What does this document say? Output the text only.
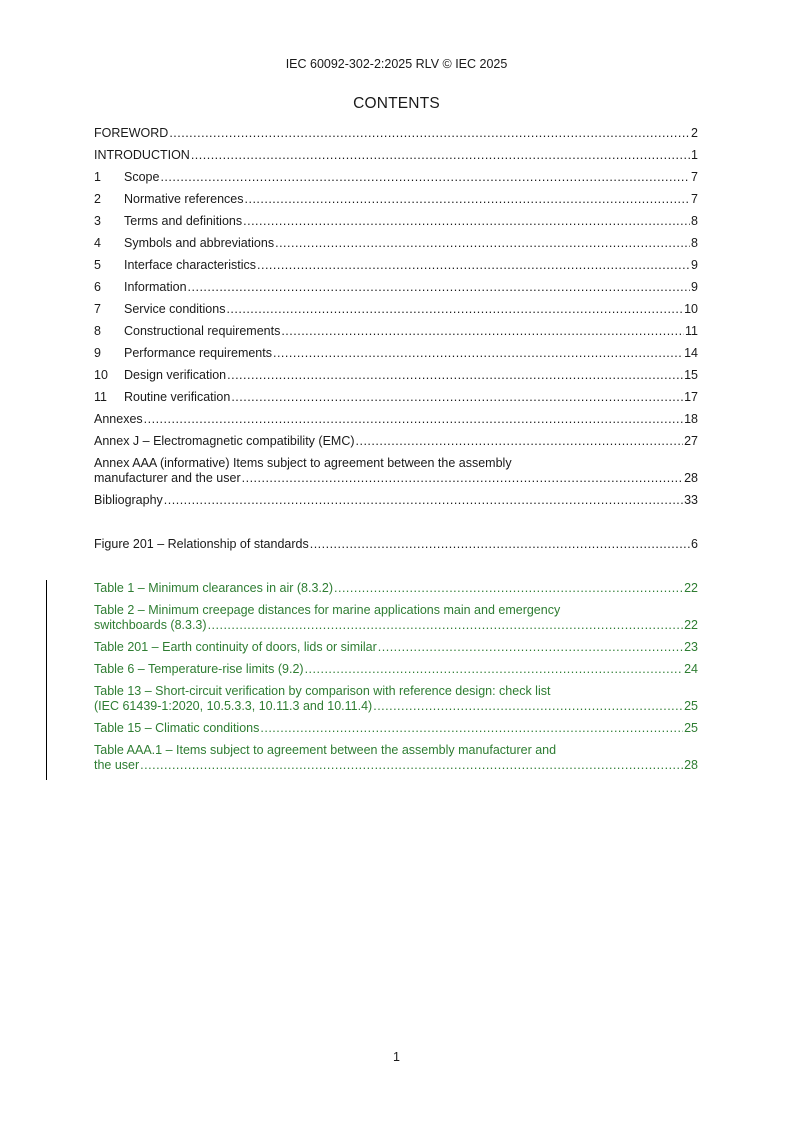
IEC 60092-302-2:2025 RLV © IEC 2025
CONTENTS
FOREWORD .....	2
INTRODUCTION .....	1
1 Scope .....	7
2 Normative references .....	7
3 Terms and definitions .....	8
4 Symbols and abbreviations .....	8
5 Interface characteristics .....	9
6 Information .....	9
7 Service conditions .....	10
8 Constructional requirements .....	11
9 Performance requirements .....	14
10 Design verification .....	15
11 Routine verification .....	17
Annexes .....	18
Annex J – Electromagnetic compatibility (EMC) .....	27
Annex AAA (informative) Items subject to agreement between the assembly
manufacturer and the user .....	28
Bibliography .....	33
Figure 201 – Relationship of standards .....	6
Table 1 – Minimum clearances in air (8.3.2) .....	22
Table 2 – Minimum creepage distances for marine applications main and emergency
switchboards (8.3.3) .....	22
Table 201 – Earth continuity of doors, lids or similar .....	23
Table 6 – Temperature-rise limits (9.2) .....	24
Table 13 – Short-circuit verification by comparison with reference design: check list
(IEC 61439-1:2020, 10.5.3.3, 10.11.3 and 10.11.4) .....	25
Table 15 – Climatic conditions .....	25
Table AAA.1 – Items subject to agreement between the assembly manufacturer and
the user .....	28
1
